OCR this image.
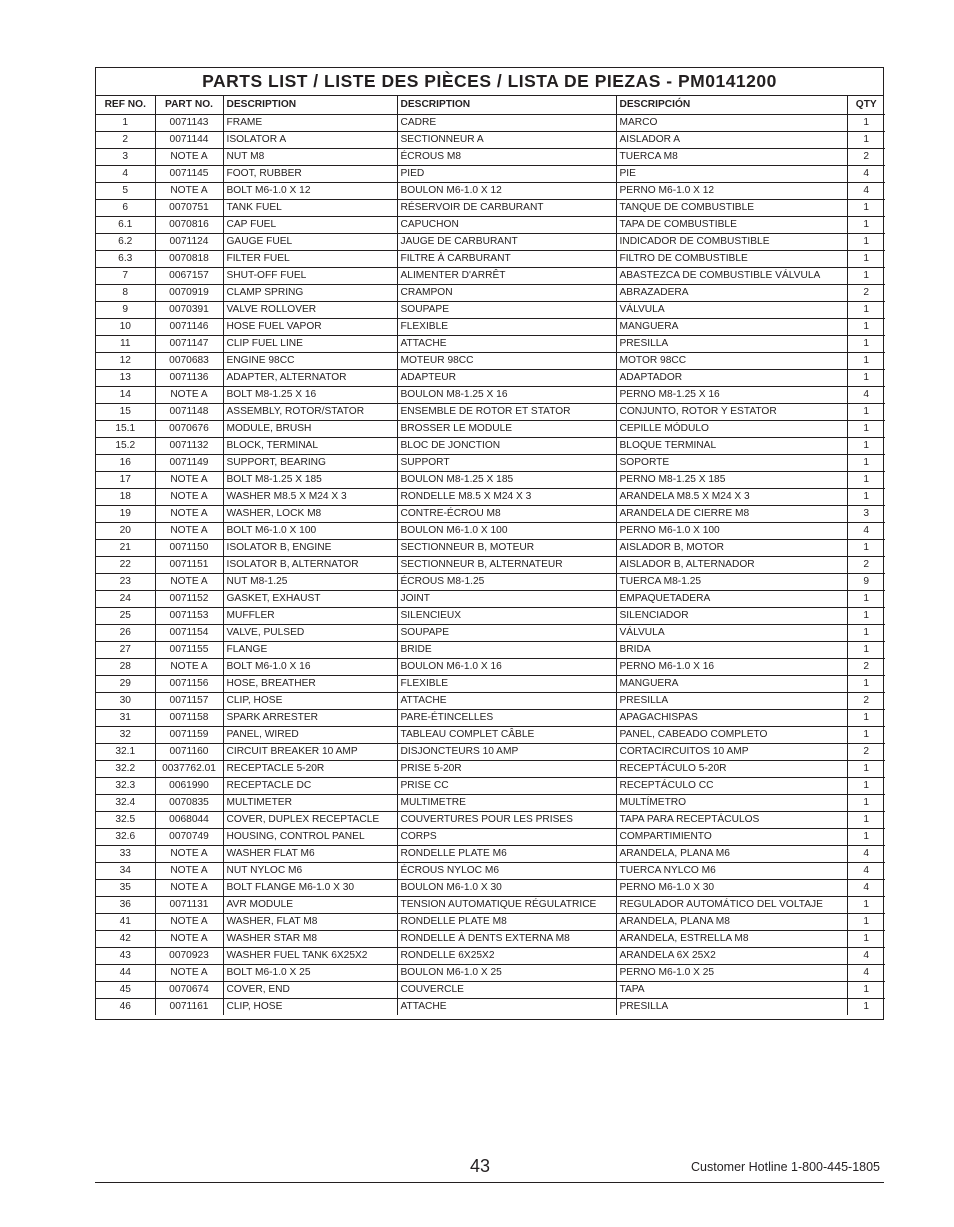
PARTS LIST / LISTE DES PIÈCES / LISTA DE PIEZAS - PM0141200
REF NO.	PART NO.	DESCRIPTION	DESCRIPTION	DESCRIPCIÓN	QTY
1	0071143	FRAME	CADRE	MARCO	1
2	0071144	ISOLATOR A	SECTIONNEUR A	AISLADOR A	1
3	NOTE A	NUT M8	ÉCROUS M8	TUERCA M8	2
4	0071145	FOOT, RUBBER	PIED	PIE	4
5	NOTE A	BOLT M6-1.0 X 12	BOULON M6-1.0 X 12	PERNO M6-1.0 X 12	4
6	0070751	TANK FUEL	RÉSERVOIR DE CARBURANT	TANQUE DE COMBUSTIBLE	1
6.1	0070816	CAP FUEL	CAPUCHON	TAPA DE COMBUSTIBLE	1
6.2	0071124	GAUGE FUEL	JAUGE DE CARBURANT	INDICADOR DE COMBUSTIBLE	1
6.3	0070818	FILTER FUEL	FILTRE À CARBURANT	FILTRO DE COMBUSTIBLE	1
7	0067157	SHUT-OFF FUEL	ALIMENTER D'ARRÊT	ABASTEZCA DE COMBUSTIBLE VÁLVULA	1
8	0070919	CLAMP SPRING	CRAMPON	ABRAZADERA	2
9	0070391	VALVE ROLLOVER	SOUPAPE	VÁLVULA	1
10	0071146	HOSE FUEL VAPOR	FLEXIBLE	MANGUERA	1
11	0071147	CLIP FUEL LINE	ATTACHE	PRESILLA	1
12	0070683	ENGINE 98CC	MOTEUR 98CC	MOTOR 98CC	1
13	0071136	ADAPTER, ALTERNATOR	ADAPTEUR	ADAPTADOR	1
14	NOTE A	BOLT M8-1.25 X 16	BOULON M8-1.25 X 16	PERNO M8-1.25 X 16	4
15	0071148	ASSEMBLY, ROTOR/STATOR	ENSEMBLE DE ROTOR ET STATOR	CONJUNTO, ROTOR Y ESTATOR	1
15.1	0070676	MODULE, BRUSH	BROSSER LE MODULE	CEPILLE MÓDULO	1
15.2	0071132	BLOCK, TERMINAL	BLOC DE JONCTION	BLOQUE TERMINAL	1
16	0071149	SUPPORT, BEARING	SUPPORT	SOPORTE	1
17	NOTE A	BOLT M8-1.25 X 185	BOULON M8-1.25 X 185	PERNO M8-1.25 X 185	1
18	NOTE A	WASHER M8.5 X M24 X 3	RONDELLE M8.5 X M24 X 3	ARANDELA M8.5 X M24 X 3	1
19	NOTE A	WASHER, LOCK M8	CONTRE-ÉCROU M8	ARANDELA DE CIERRE M8	3
20	NOTE A	BOLT M6-1.0 X 100	BOULON M6-1.0 X 100	PERNO M6-1.0 X 100	4
21	0071150	ISOLATOR B, ENGINE	SECTIONNEUR B, MOTEUR	AISLADOR B, MOTOR	1
22	0071151	ISOLATOR B, ALTERNATOR	SECTIONNEUR B, ALTERNATEUR	AISLADOR B, ALTERNADOR	2
23	NOTE A	NUT M8-1.25	ÉCROUS M8-1.25	TUERCA M8-1.25	9
24	0071152	GASKET, EXHAUST	JOINT	EMPAQUETADERA	1
25	0071153	MUFFLER	SILENCIEUX	SILENCIADOR	1
26	0071154	VALVE, PULSED	SOUPAPE	VÁLVULA	1
27	0071155	FLANGE	BRIDE	BRIDA	1
28	NOTE A	BOLT M6-1.0 X 16	BOULON M6-1.0 X 16	PERNO M6-1.0 X 16	2
29	0071156	HOSE, BREATHER	FLEXIBLE	MANGUERA	1
30	0071157	CLIP, HOSE	ATTACHE	PRESILLA	2
31	0071158	SPARK ARRESTER	PARE-ÉTINCELLES	APAGACHISPAS	1
32	0071159	PANEL, WIRED	TABLEAU COMPLET CÂBLE	PANEL, CABEADO COMPLETO	1
32.1	0071160	CIRCUIT BREAKER 10 AMP	DISJONCTEURS 10 AMP	CORTACIRCUITOS 10 AMP	2
32.2	0037762.01	RECEPTACLE 5-20R	PRISE 5-20R	RECEPTÁCULO 5-20R	1
32.3	0061990	RECEPTACLE DC	PRISE CC	RECEPTÁCULO CC	1
32.4	0070835	MULTIMETER	MULTIMETRE	MULTÍMETRO	1
32.5	0068044	COVER, DUPLEX RECEPTACLE	COUVERTURES POUR LES PRISES	TAPA PARA RECEPTÁCULOS	1
32.6	0070749	HOUSING, CONTROL PANEL	CORPS	COMPARTIMIENTO	1
33	NOTE A	WASHER FLAT M6	RONDELLE PLATE M6	ARANDELA, PLANA M6	4
34	NOTE A	NUT NYLOC M6	ÉCROUS NYLOC M6	TUERCA NYLCO M6	4
35	NOTE A	BOLT FLANGE M6-1.0 X 30	BOULON M6-1.0 X 30	PERNO M6-1.0 X 30	4
36	0071131	AVR MODULE	TENSION AUTOMATIQUE RÉGULATRICE	REGULADOR AUTOMÁTICO DEL VOLTAJE	1
41	NOTE A	WASHER, FLAT M8	RONDELLE PLATE M8	ARANDELA, PLANA M8	1
42	NOTE A	WASHER STAR M8	RONDELLE À DENTS EXTERNA M8	ARANDELA, ESTRELLA M8	1
43	0070923	WASHER FUEL TANK 6X25X2	RONDELLE 6X25X2	ARANDELA 6X 25X2	4
44	NOTE A	BOLT M6-1.0 X 25	BOULON M6-1.0 X 25	PERNO M6-1.0 X 25	4
45	0070674	COVER, END	COUVERCLE	TAPA	1
46	0071161	CLIP, HOSE	ATTACHE	PRESILLA	1
43	Customer Hotline 1-800-445-1805
